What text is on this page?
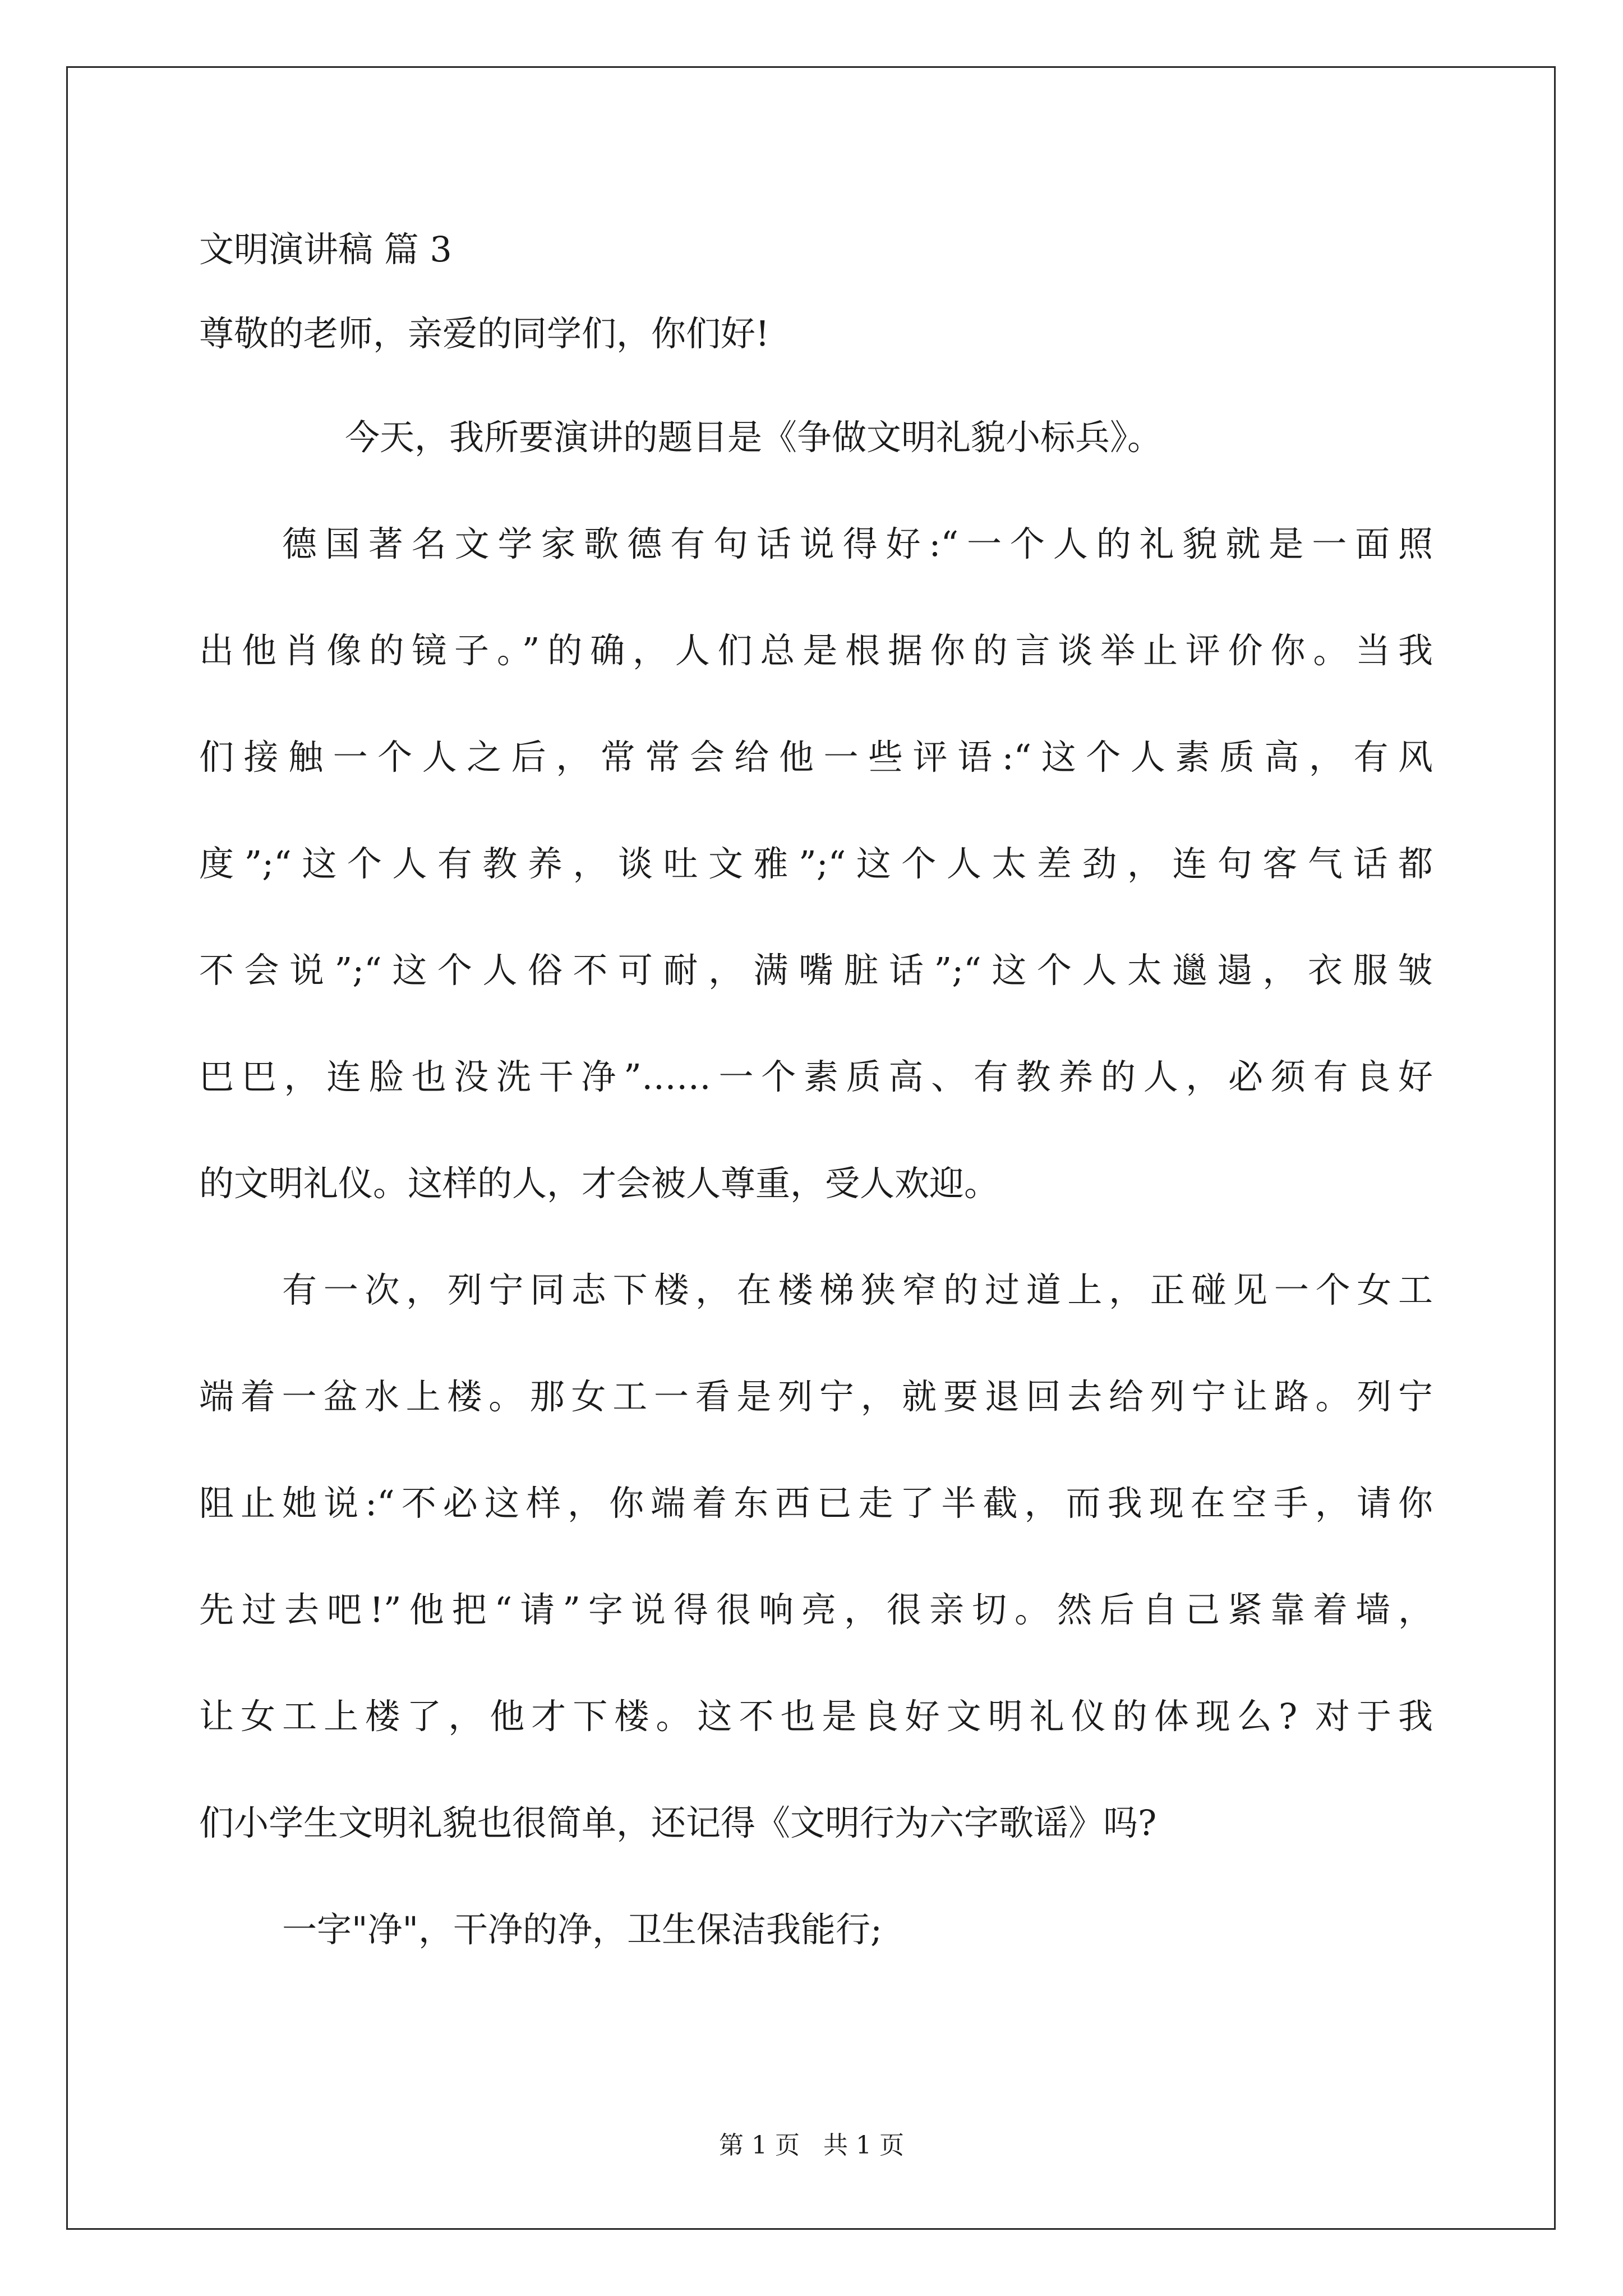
文明演讲稿 篇 3

尊敬的老师，亲爱的同学们，你们好!

今天，我所要演讲的题目是《争做文明礼貌小标兵》。

德国著名文学家歌德有句话说得好:“一个人的礼貌就是一面照

出他肖像的镜子。”的确，人们总是根据你的言谈举止评价你。当我

们接触一个人之后，常常会给他一些评语:“这个人素质高，有风

度”;“这个人有教养，谈吐文雅”;“这个人太差劲，连句客气话都

不会说”;“这个人俗不可耐，满嘴脏话”;“这个人太邋遢，衣服皱

巴巴，连脸也没洗干净”……一个素质高、有教养的人，必须有良好

的文明礼仪。这样的人，才会被人尊重，受人欢迎。

有一次，列宁同志下楼，在楼梯狭窄的过道上，正碰见一个女工

端着一盆水上楼。那女工一看是列宁，就要退回去给列宁让路。列宁

阻止她说:“不必这样，你端着东西已走了半截，而我现在空手，请你

先过去吧!”他把“请”字说得很响亮，很亲切。然后自己紧靠着墙，

让女工上楼了，他才下楼。这不也是良好文明礼仪的体现么? 对于我

们小学生文明礼貌也很简单，还记得《文明行为六字歌谣》吗?

一字"净"，干净的净，卫生保洁我能行;

第 1 页   共 1 页
